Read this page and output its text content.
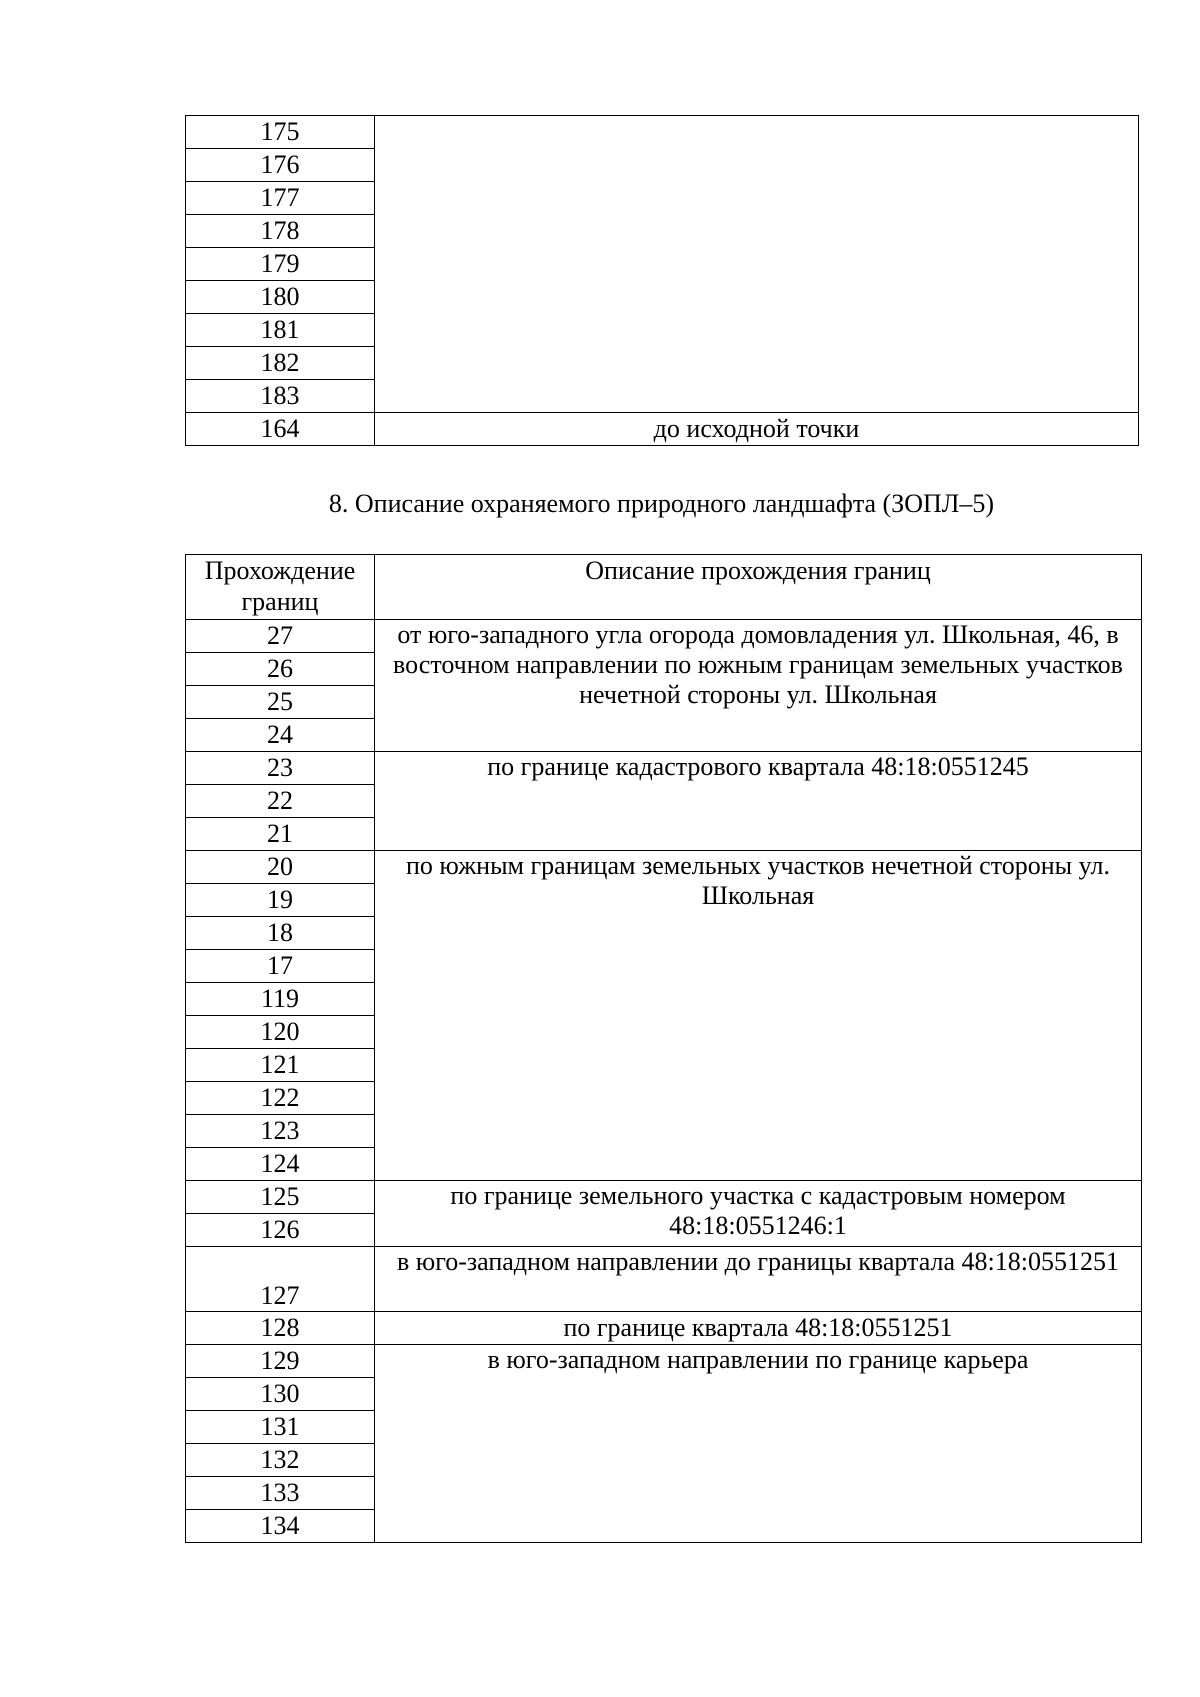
175	
176	
177	
178	
179	
180	
181	
182	
183	
164	до исходной точки
8. Описание охраняемого природного ландшафта (ЗОПЛ–5)
Прохождение границ	Описание прохождения границ
27	от юго-западного угла огорода домовладения ул. Школьная, 46, в восточном направлении по южным границам земельных участков нечетной стороны ул. Школьная
26	
25	
24	
23	по границе кадастрового квартала 48:18:0551245
22	
21	
20	по южным границам земельных участков нечетной стороны ул. Школьная
19	
18	
17	
119	
120	
121	
122	
123	
124	
125	по границе земельного участка с кадастровым номером 48:18:0551246:1
126	
127	в юго-западном направлении до границы квартала 48:18:0551251
128	по границе квартала 48:18:0551251
129	в юго-западном направлении по границе карьера
130	
131	
132	
133	
134	
